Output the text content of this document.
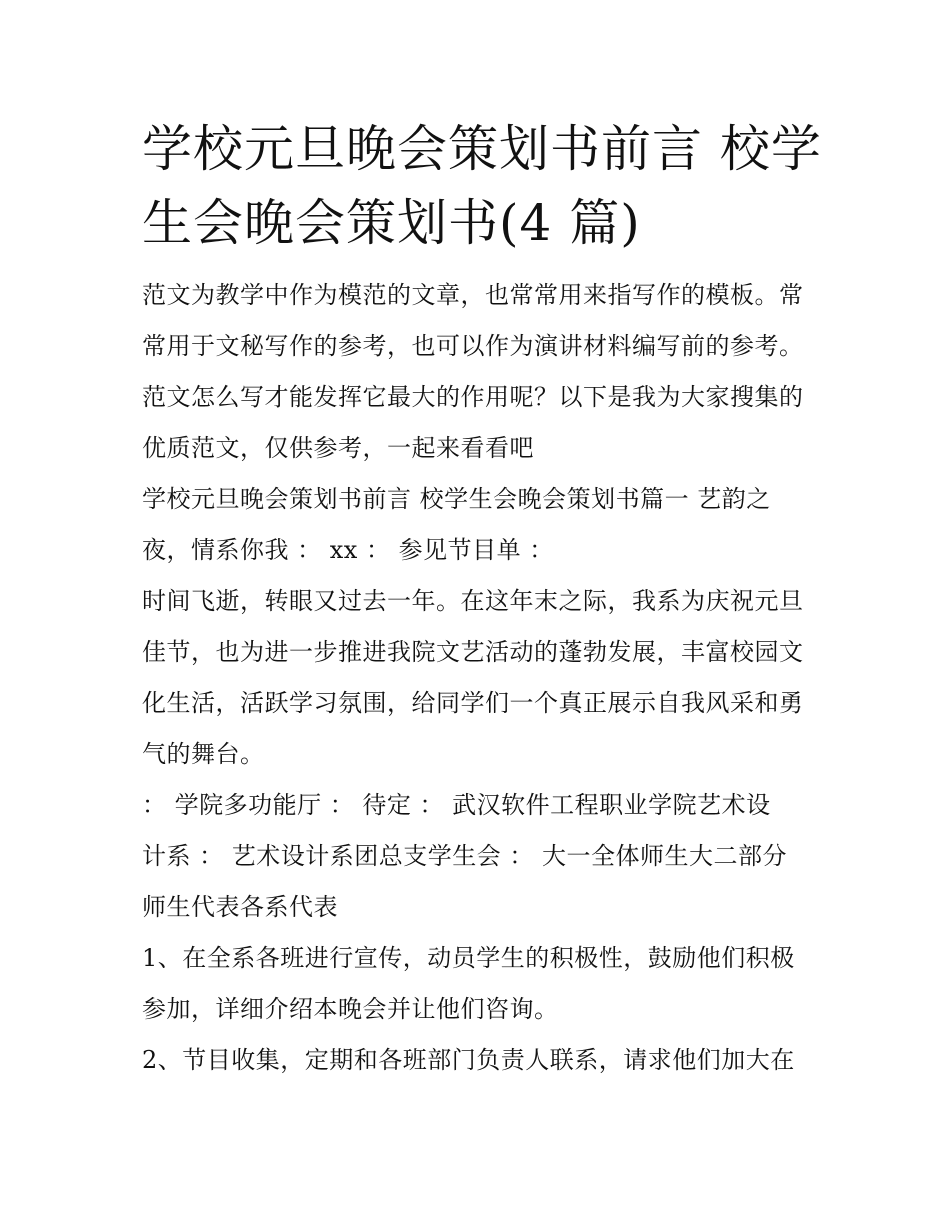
学校元旦晚会策划书前言 校学
生会晚会策划书(4 篇)

范文为教学中作为模范的文章，也常常用来指写作的模板。常常用于文秘写作的参考，也可以作为演讲材料编写前的参考。范文怎么写才能发挥它最大的作用呢？以下是我为大家搜集的优质范文，仅供参考，一起来看看吧

学校元旦晚会策划书前言 校学生会晚会策划书篇一 艺韵之夜，情系你我 ： xx ： 参见节目单 ：

时间飞逝，转眼又过去一年。在这年末之际，我系为庆祝元旦佳节，也为进一步推进我院文艺活动的蓬勃发展，丰富校园文化生活，活跃学习氛围，给同学们一个真正展示自我风采和勇气的舞台。

： 学院多功能厅 ： 待定 ： 武汉软件工程职业学院艺术设计系 ： 艺术设计系团总支学生会 ： 大一全体师生大二部分师生代表各系代表

1、在全系各班进行宣传，动员学生的积极性，鼓励他们积极参加，详细介绍本晚会并让他们咨询。

2、节目收集，定期和各班部门负责人联系，请求他们加大在
